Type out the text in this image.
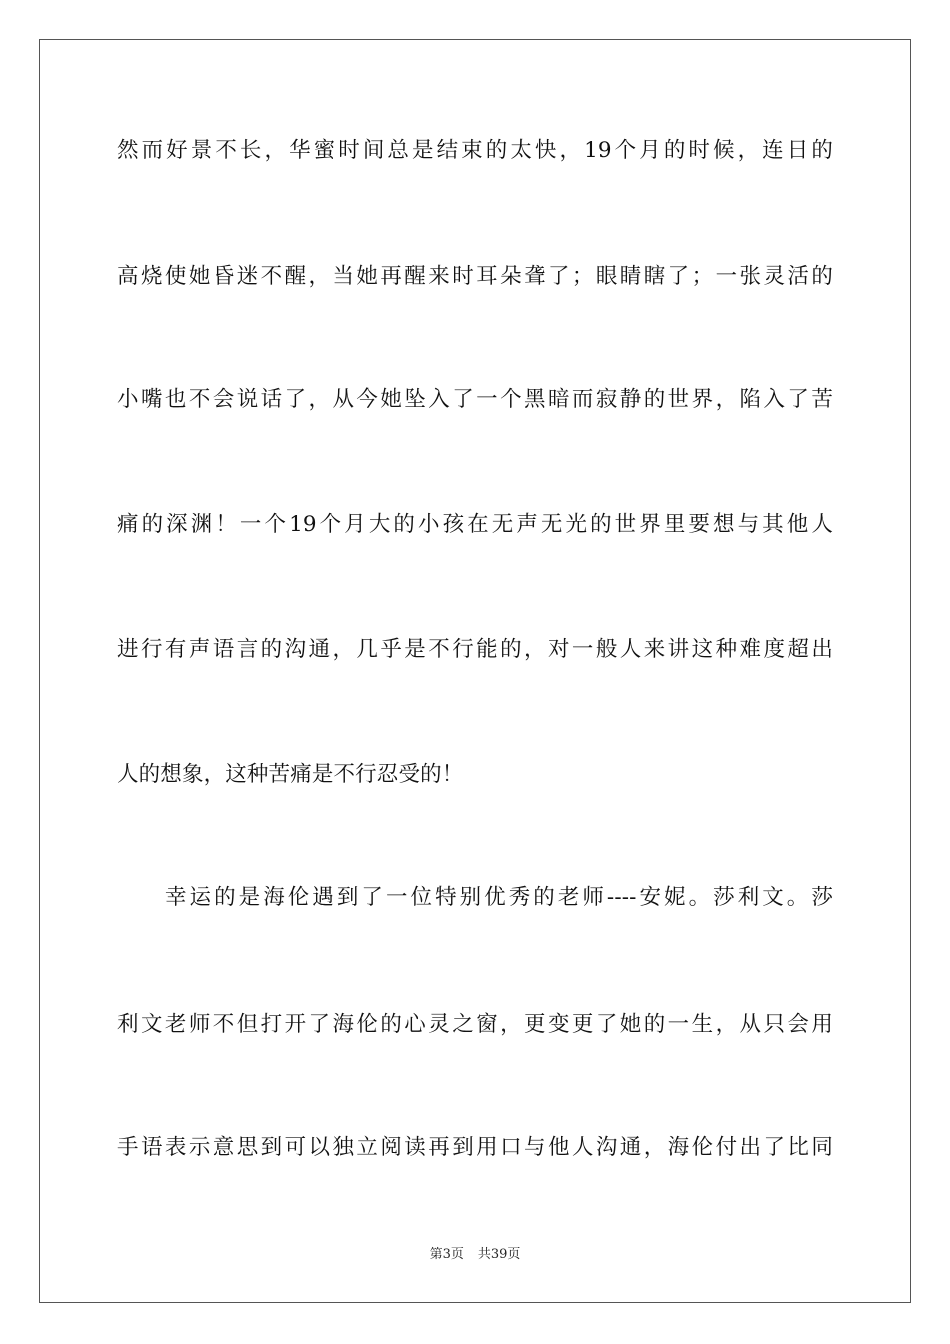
然而好景不长，华蜜时间总是结束的太快，19个月的时候，连日的
高烧使她昏迷不醒，当她再醒来时耳朵聋了；眼睛瞎了；一张灵活的
小嘴也不会说话了，从今她坠入了一个黑暗而寂静的世界，陷入了苦
痛的深渊！一个19个月大的小孩在无声无光的世界里要想与其他人
进行有声语言的沟通，几乎是不行能的，对一般人来讲这种难度超出
人的想象，这种苦痛是不行忍受的！
幸运的是海伦遇到了一位特别优秀的老师----安妮。莎利文。莎
利文老师不但打开了海伦的心灵之窗，更变更了她的一生，从只会用
手语表示意思到可以独立阅读再到用口与他人沟通，海伦付出了比同
第3页 共39页
